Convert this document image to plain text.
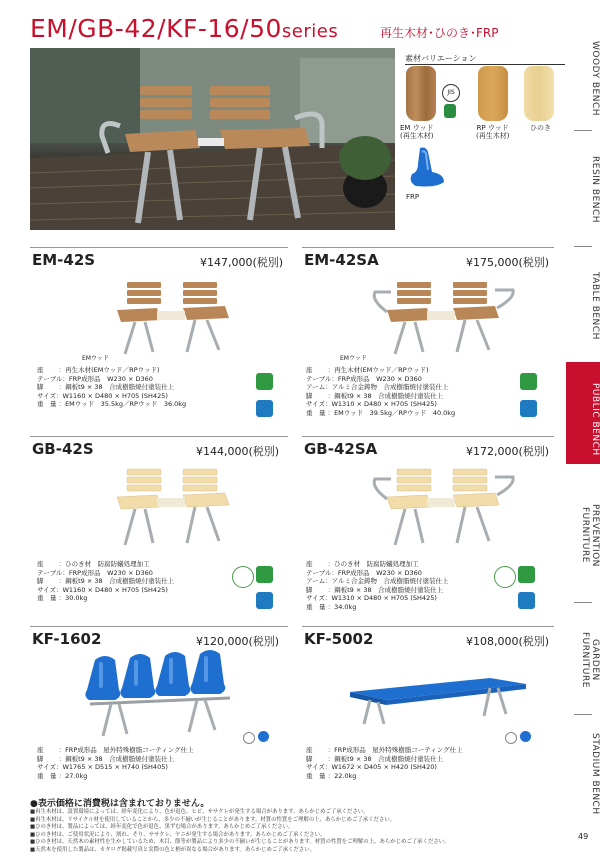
EM/GB-42/KF-16/50series	再生木材･ひのき･FRP
素材バリエーション
JIS
EM ウッド
(再生木材)
RP ウッド
(再生木材)
ひのき
FRP
EM-42S	¥147,000(税別)
EMウッド
座　　 ：再生木材(EMウッド／RPウッド)
テーブル：FRP成形品　W230 × D360
脚　　 ：鋼板t9 × 38　合成樹脂焼付塗装仕上
サイズ：W1160 × D480 × H705 (SH425)
重　量 ：EMウッド　35.5kg／RPウッド　36.0kg
EM-42SA	¥175,000(税別)
EMウッド
座　　 ：再生木材(EMウッド／RPウッド)
テーブル：FRP成形品　W230 × D360
アーム：アルミ合金鋳物　合成樹脂焼付塗装仕上
脚　　 ：鋼板t9 × 38　合成樹脂焼付塗装仕上
サイズ：W1310 × D480 × H705 (SH425)
重　量 ：EMウッド　39.5kg／RPウッド　40.0kg
GB-42S	¥144,000(税別)
座　　 ：ひのき材　防腐防蟻処理加工
テーブル：FRP成形品　W230 × D360
脚　　 ：鋼板t9 × 38　合成樹脂焼付塗装仕上
サイズ：W1160 × D480 × H705 (SH425)
重　量 ：30.0kg
GB-42SA	¥172,000(税別)
座　　 ：ひのき材　防腐防蟻処理加工
テーブル：FRP成形品　W230 × D360
アーム：アルミ合金鋳物　合成樹脂焼付塗装仕上
脚　　 ：鋼板t9 × 38　合成樹脂焼付塗装仕上
サイズ：W1310 × D480 × H705 (SH425)
重　量 ：34.0kg
KF-1602	¥120,000(税別)
座　　 ：FRP成形品　屋外特殊樹脂コーティング仕上
脚　　 ：鋼板t9 × 38　合成樹脂焼付塗装仕上
サイズ：W1765 × D515 × H740 (SH405)
重　量 ：27.0kg
KF-5002	¥108,000(税別)
座　　 ：FRP成形品　屋外特殊樹脂コーティング仕上
脚　　 ：鋼板t9 × 38　合成樹脂焼付塗装仕上
サイズ：W1672 × D405 × H420 (SH420)
重　量 ：22.0kg
●表示価格に消費税は含まれておりません。
■再生木材は、設置環境によっては、経年変化により、色が退色、ヒビ、ササクレが発生する場合があります。あらかじめご了承ください。
■再生木材は、リサイクル材を使用していることから、多少の不揃いが生じることがあります。材質の性質をご理解の上、あらかじめご了承ください。
■ひのき材は、製品によっては、経年変化で色が退色、黒ずむ場合があります。あらかじめご了承ください。
■ひのき材は、ご使用状況により、割れ、そり、ササクレ、ヤニが発生する場合があります。あらかじめご了承ください。
■ひのき材は、天然木の素材性を生かしているため、木目、節等が製品により多少の不揃いが生じることがあります。材質の性質をご理解の上、あらかじめご了承ください。
■天然木を使用した製品は、カタログ掲載写真と実際の色と柄が異なる場合があります。あらかじめご了承ください。
WOODY BENCH
RESIN BENCH
TABLE BENCH
PUBLIC BENCH
PREVENTION FURNITURE
GARDEN FURNITURE
STADIUM BENCH
49
